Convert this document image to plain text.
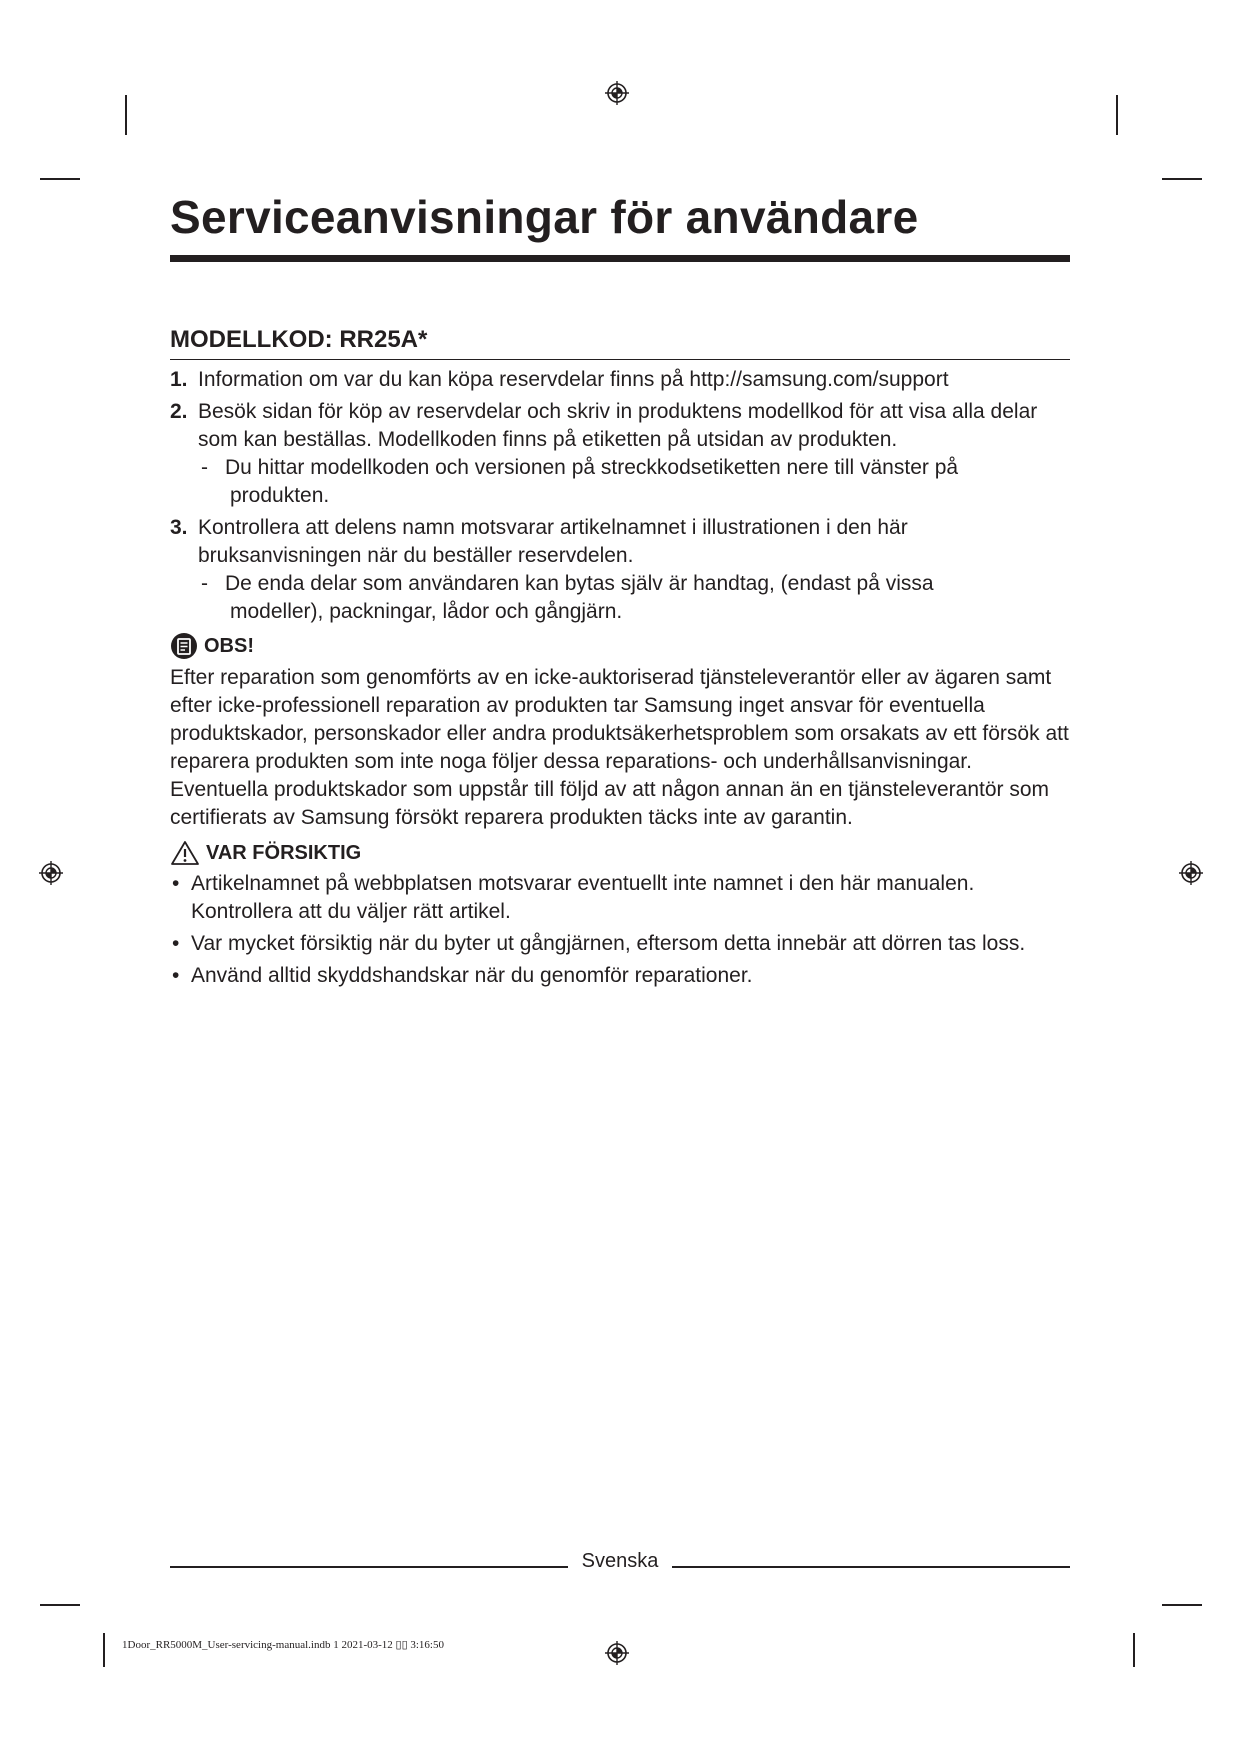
Serviceanvisningar för användare
MODELLKOD: RR25A*
1. Information om var du kan köpa reservdelar finns på http://samsung.com/support
2. Besök sidan för köp av reservdelar och skriv in produktens modellkod för att visa alla delar som kan beställas. Modellkoden finns på etiketten på utsidan av produkten.
- Du hittar modellkoden och versionen på streckkodsetiketten nere till vänster på
produkten.
3. Kontrollera att delens namn motsvarar artikelnamnet i illustrationen i den här bruksanvisningen när du beställer reservdelen.
- De enda delar som användaren kan bytas själv är handtag, (endast på vissa
modeller), packningar, lådor och gångjärn.
OBS!
Efter reparation som genomförts av en icke-auktoriserad tjänsteleverantör eller av ägaren samt efter icke-professionell reparation av produkten tar Samsung inget ansvar för eventuella produktskador, personskador eller andra produktsäkerhetsproblem som orsakats av ett försök att reparera produkten som inte noga följer dessa reparations- och underhållsanvisningar. Eventuella produktskador som uppstår till följd av att någon annan än en tjänsteleverantör som certifierats av Samsung försökt reparera produkten täcks inte av garantin.
VAR FÖRSIKTIG
• Artikelnamnet på webbplatsen motsvarar eventuellt inte namnet i den här manualen. Kontrollera att du väljer rätt artikel.
• Var mycket försiktig när du byter ut gångjärnen, eftersom detta innebär att dörren tas loss.
• Använd alltid skyddshandskar när du genomför reparationer.
Svenska
1Door_RR5000M_User-servicing-manual.indb 1 2021-03-12 ▯▯ 3:16:50
